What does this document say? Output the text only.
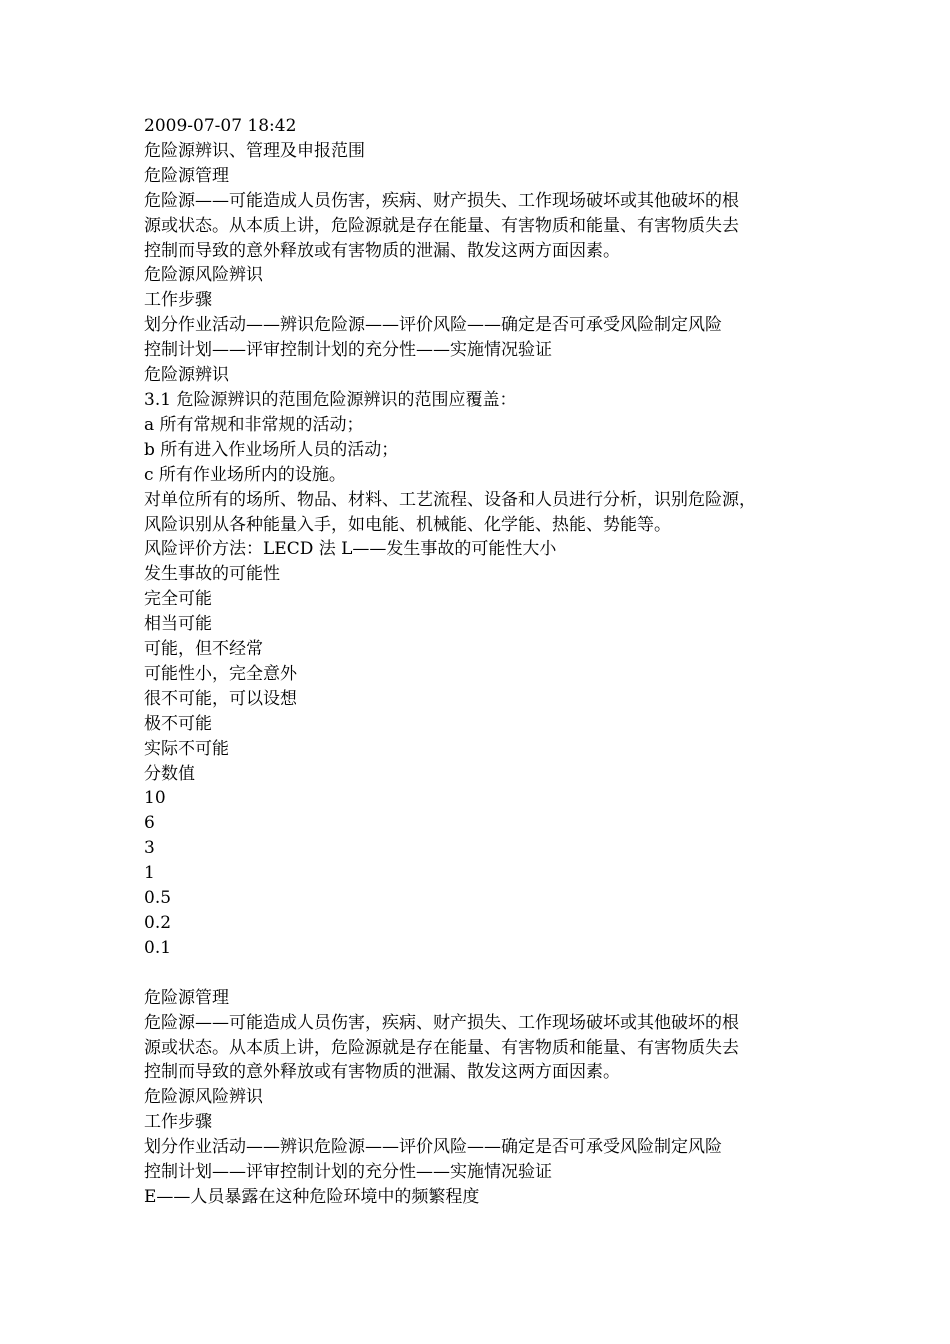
2009-07-07 18:42
危险源辨识、管理及申报范围
危险源管理
危险源——可能造成人员伤害，疾病、财产损失、工作现场破坏或其他破坏的根
源或状态。从本质上讲，危险源就是存在能量、有害物质和能量、有害物质失去
控制而导致的意外释放或有害物质的泄漏、散发这两方面因素。
危险源风险辨识
工作步骤
划分作业活动——辨识危险源——评价风险——确定是否可承受风险制定风险
控制计划——评审控制计划的充分性——实施情况验证
危险源辨识
3.1 危险源辨识的范围危险源辨识的范围应覆盖：
a 所有常规和非常规的活动；
b 所有进入作业场所人员的活动；
c 所有作业场所内的设施。
对单位所有的场所、物品、材料、工艺流程、设备和人员进行分析，识别危险源，
风险识别从各种能量入手，如电能、机械能、化学能、热能、势能等。
风险评价方法：LECD 法 L——发生事故的可能性大小
发生事故的可能性
完全可能
相当可能
可能，但不经常
可能性小，完全意外
很不可能，可以设想
极不可能
实际不可能
分数值
10
6
3
1
0.5
0.2
0.1
危险源管理
危险源——可能造成人员伤害，疾病、财产损失、工作现场破坏或其他破坏的根
源或状态。从本质上讲，危险源就是存在能量、有害物质和能量、有害物质失去
控制而导致的意外释放或有害物质的泄漏、散发这两方面因素。
危险源风险辨识
工作步骤
划分作业活动——辨识危险源——评价风险——确定是否可承受风险制定风险
控制计划——评审控制计划的充分性——实施情况验证
E——人员暴露在这种危险环境中的频繁程度
